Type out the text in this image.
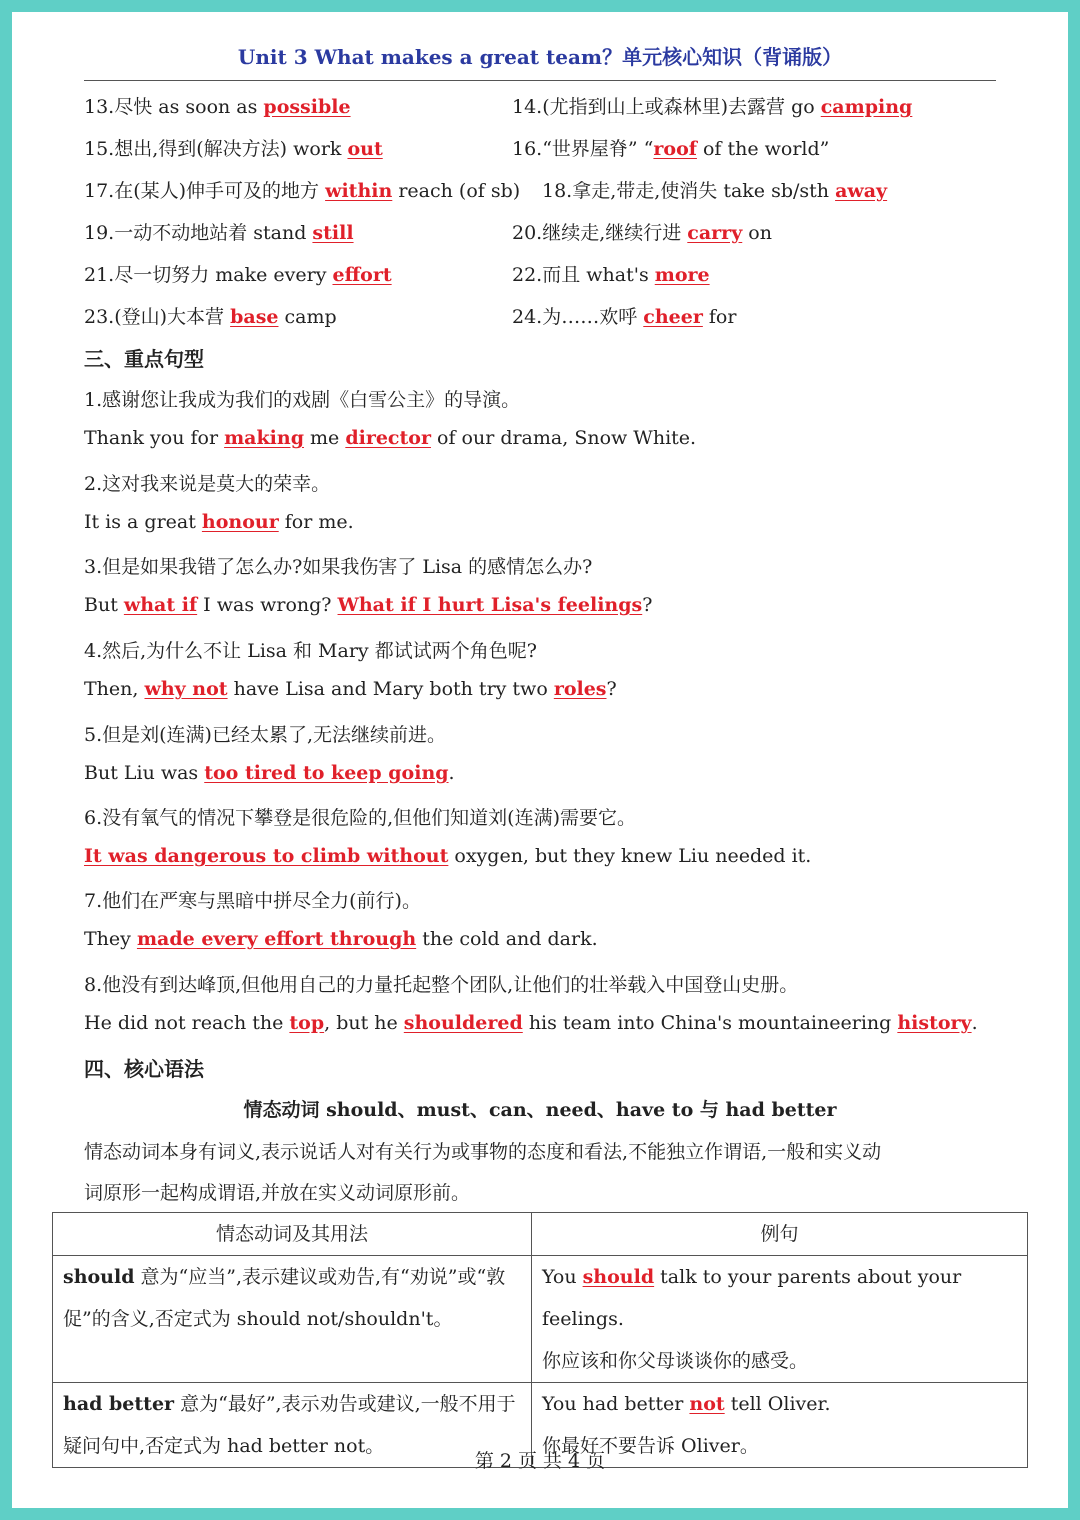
Unit 3 What makes a great team？单元核心知识（背诵版）
13.尽快 as soon as possible	14.(尤指到山上或森林里)去露营 go camping
15.想出,得到(解决方法) work out	16.“世界屋脊” “roof of the world”
17.在(某人)伸手可及的地方 within reach (of sb) 18.拿走,带走,使消失 take sb/sth away
19.一动不动地站着 stand still	20.继续走,继续行进 carry on
21.尽一切努力 make every effort	22.而且 what's more
23.(登山)大本营 base camp	24.为……欢呼 cheer for
三、重点句型
1.感谢您让我成为我们的戏剧《白雪公主》的导演。
Thank you for making me director of our drama, Snow White.
2.这对我来说是莫大的荣幸。
It is a great honour for me.
3.但是如果我错了怎么办?如果我伤害了 Lisa 的感情怎么办?
But what if I was wrong? What if I hurt Lisa's feelings?
4.然后,为什么不让 Lisa 和 Mary 都试试两个角色呢?
Then, why not have Lisa and Mary both try two roles?
5.但是刘(连满)已经太累了,无法继续前进。
But Liu was too tired to keep going.
6.没有氧气的情况下攀登是很危险的,但他们知道刘(连满)需要它。
It was dangerous to climb without oxygen, but they knew Liu needed it.
7.他们在严寒与黑暗中拼尽全力(前行)。
They made every effort through the cold and dark.
8.他没有到达峰顶,但他用自己的力量托起整个团队,让他们的壮举载入中国登山史册。
He did not reach the top, but he shouldered his team into China's mountaineering history.
四、核心语法
情态动词 should、must、can、need、have to 与 had better
情态动词本身有词义,表示说话人对有关行为或事物的态度和看法,不能独立作谓语,一般和实义动
词原形一起构成谓语,并放在实义动词原形前。
情态动词及其用法	例句
should 意为“应当”,表示建议或劝告,有“劝说”或“敦促”的含义,否定式为 should not/shouldn't。	You should talk to your parents about your feelings.
你应该和你父母谈谈你的感受。

had better 意为“最好”,表示劝告或建议,一般不用于疑问句中,否定式为 had better not。	You had better not tell Oliver.
你最好不要告诉 Oliver。
第 2 页 共 4 页
